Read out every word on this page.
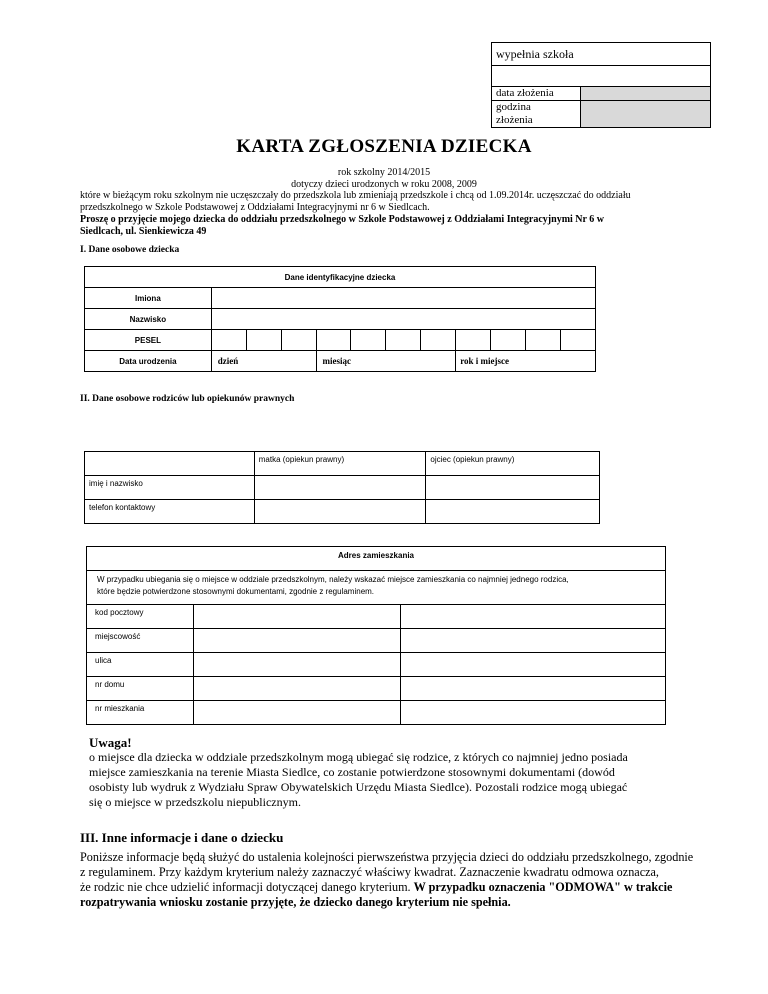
wypełnia szkoła	

data złożenia	

godzina
złożenia	

KARTA ZGŁOSZENIA DZIECKA
rok szkolny 2014/2015
dotyczy dzieci urodzonych w roku 2008, 2009
które w bieżącym roku szkolnym nie uczęszczały do przedszkola lub zmieniają przedszkole i chcą od 1.09.2014r. uczęszczać do oddziału
przedszkolnego w Szkole Podstawowej z Oddziałami Integracyjnymi nr 6 w Siedlcach.
Proszę o przyjęcie mojego dziecka do oddziału przedszkolnego w Szkole Podstawowej z Oddziałami Integracyjnymi Nr 6 w
Siedlcach, ul. Sienkiewicza 49
I. Dane osobowe dziecka
Dane identyfikacyjne dziecka											
Imiona											
Nazwisko											
PESEL											
Data urodzenia	dzień			miesiąc				rok i miejsce			
II. Dane osobowe rodziców lub opiekunów prawnych
	matka (opiekun prawny)	ojciec (opiekun prawny)
imię i nazwisko		
telefon kontaktowy		
Adres zamieszkania		

W przypadku ubiegania się o miejsce w oddziale przedszkolnym, należy wskazać miejsce zamieszkania co najmniej jednego rodzica,
które będzie potwierdzone stosownymi dokumentami, zgodnie z regulaminem.		

kod pocztowy		
miejscowość		
ulica		
nr domu		
nr mieszkania		
Uwaga!
o miejsce dla dziecka w oddziale przedszkolnym mogą ubiegać się rodzice, z których co najmniej jedno posiada
miejsce zamieszkania na terenie Miasta Siedlce, co zostanie potwierdzone stosownymi dokumentami (dowód
osobisty lub wydruk z Wydziału Spraw Obywatelskich Urzędu Miasta Siedlce). Pozostali rodzice mogą ubiegać
się o miejsce w przedszkolu niepublicznym.
III. Inne informacje i dane o dziecku
Poniższe informacje będą służyć do ustalenia kolejności pierwszeństwa przyjęcia dzieci do oddziału przedszkolnego, zgodnie
z regulaminem. Przy każdym kryterium należy zaznaczyć właściwy kwadrat. Zaznaczenie kwadratu odmowa oznacza,
że rodzic nie chce udzielić informacji dotyczącej danego kryterium. W przypadku oznaczenia "ODMOWA" w trakcie
rozpatrywania wniosku zostanie przyjęte, że dziecko danego kryterium nie spełnia.
